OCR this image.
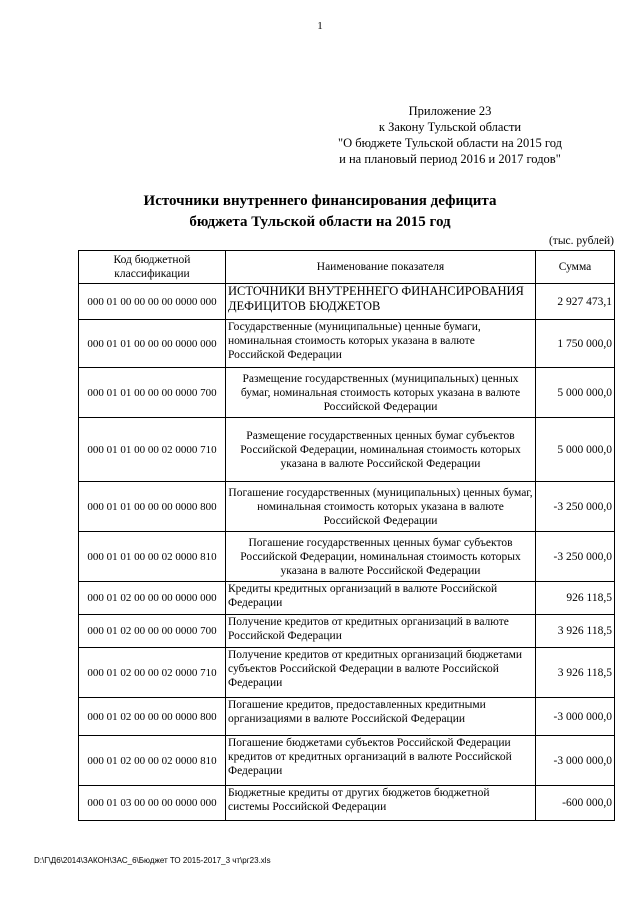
1
Приложение 23
к Закону Тульской области
"О бюджете Тульской области на 2015 год
и на плановый период 2016 и 2017 годов"
Источники внутреннего финансирования дефицита
бюджета Тульской области на 2015 год
(тыс. рублей)
Код бюджетной классификации	Наименование показателя	Сумма
000 01 00 00 00 00 0000 000	ИСТОЧНИКИ ВНУТРЕННЕГО ФИНАНСИРОВАНИЯ ДЕФИЦИТОВ БЮДЖЕТОВ	2 927 473,1
000 01 01 00 00 00 0000 000	Государственные (муниципальные) ценные бумаги, номинальная стоимость которых указана в валюте Российской Федерации	1 750 000,0
000 01 01 00 00 00 0000 700	Размещение государственных (муниципальных) ценных бумаг, номинальная стоимость которых указана в валюте Российской Федерации	5 000 000,0
000 01 01 00 00 02 0000 710	Размещение государственных ценных бумаг субъектов Российской Федерации, номинальная стоимость которых указана в валюте Российской Федерации	5 000 000,0
000 01 01 00 00 00 0000 800	Погашение государственных (муниципальных) ценных бумаг, номинальная стоимость которых указана в валюте Российской Федерации	-3 250 000,0
000 01 01 00 00 02 0000 810	Погашение государственных ценных бумаг субъектов Российской Федерации, номинальная стоимость которых указана в валюте Российской Федерации	-3 250 000,0
000 01 02 00 00 00 0000 000	Кредиты кредитных организаций в валюте Российской Федерации	926 118,5
000 01 02 00 00 00 0000 700	Получение кредитов от кредитных организаций в валюте Российской Федерации	3 926 118,5
000 01 02 00 00 02 0000 710	Получение кредитов от кредитных организаций бюджетами субъектов Российской Федерации в валюте Российской Федерации	3 926 118,5
000 01 02 00 00 00 0000 800	Погашение кредитов, предоставленных кредитными организациями в валюте Российской Федерации	-3 000 000,0
000 01 02 00 00 02 0000 810	Погашение бюджетами субъектов Российской Федерации кредитов от кредитных организаций в валюте Российской Федерации	-3 000 000,0
000 01 03 00 00 00 0000 000	Бюджетные кредиты от других бюджетов бюджетной системы Российской Федерации	-600 000,0
D:\Г\Д6\2014\ЗАКОН\ЗАС_6\Бюджет ТО 2015-2017_3 чт\рг23.xls
